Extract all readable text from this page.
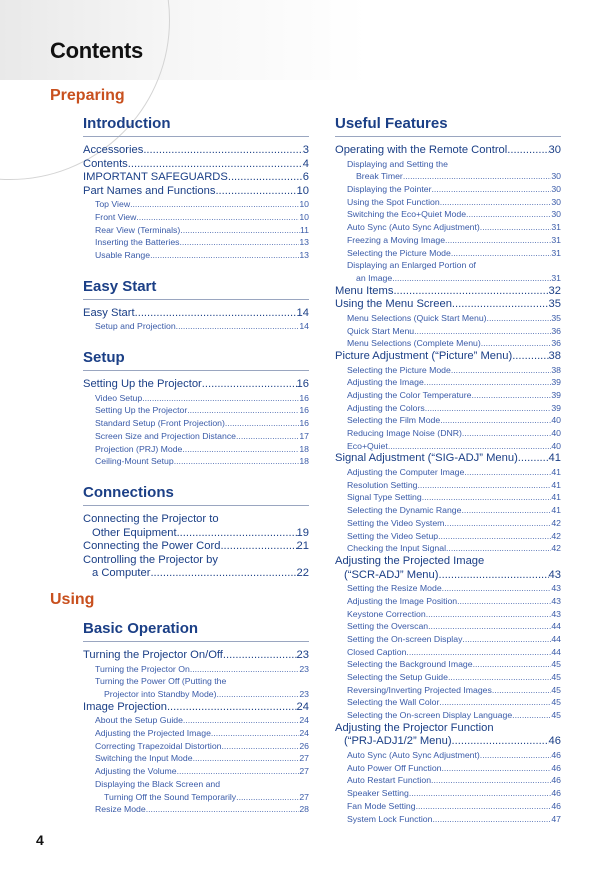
Contents
Preparing
Using
Introduction
Accessories .....	3
Contents .....	4
IMPORTANT SAFEGUARDS .....	6
Part Names and Functions .....	10
Top View .....	10
Front View .....	10
Rear View (Terminals) .....	11
Inserting the Batteries .....	13
Usable Range .....	13
Easy Start
Easy Start .....	14
Setup and Projection .....	14
Setup
Setting Up the Projector .....	16
Video Setup .....	16
Setting Up the Projector .....	16
Standard Setup (Front Projection) .....	16
Screen Size and Projection Distance .....	17
Projection (PRJ) Mode .....	18
Ceiling-Mount Setup .....	18
Connections
Connecting the Projector to
Other Equipment .....	19
Connecting the Power Cord .....	21
Controlling the Projector by
a Computer .....	22
Basic Operation
Turning the Projector On/Off .....	23
Turning the Projector On .....	23
Turning the Power Off (Putting the
Projector into Standby Mode) .....	23
Image Projection .....	24
About the Setup Guide .....	24
Adjusting the Projected Image .....	24
Correcting Trapezoidal Distortion .....	26
Switching the Input Mode .....	27
Adjusting the Volume .....	27
Displaying the Black Screen and
Turning Off the Sound Temporarily .....	27
Resize Mode .....	28
Useful Features
Operating with the Remote Control .....	30
Displaying and Setting the
Break Timer .....	30
Displaying the Pointer .....	30
Using the Spot Function .....	30
Switching the Eco+Quiet Mode .....	30
Auto Sync (Auto Sync Adjustment) .....	31
Freezing a Moving Image .....	31
Selecting the Picture Mode .....	31
Displaying an Enlarged Portion of
an Image .....	31
Menu Items .....	32
Using the Menu Screen .....	35
Menu Selections (Quick Start Menu) .....	35
Quick Start Menu .....	36
Menu Selections (Complete Menu) .....	36
Picture Adjustment (“Picture” Menu) .....	38
Selecting the Picture Mode .....	38
Adjusting the Image .....	39
Adjusting the Color Temperature .....	39
Adjusting the Colors .....	39
Selecting the Film Mode .....	40
Reducing Image Noise (DNR) .....	40
Eco+Quiet .....	40
Signal Adjustment (“SIG-ADJ” Menu) .....	41
Adjusting the Computer Image .....	41
Resolution Setting .....	41
Signal Type Setting .....	41
Selecting the Dynamic Range .....	41
Setting the Video System .....	42
Setting the Video Setup .....	42
Checking the Input Signal .....	42
Adjusting the Projected Image
(“SCR-ADJ” Menu) .....	43
Setting the Resize Mode .....	43
Adjusting the Image Position .....	43
Keystone Correction .....	43
Setting the Overscan .....	44
Setting the On-screen Display .....	44
Closed Caption .....	44
Selecting the Background Image .....	45
Selecting the Setup Guide .....	45
Reversing/Inverting Projected Images .....	45
Selecting the Wall Color .....	45
Selecting the On-screen Display Language .....	45
Adjusting the Projector Function
(“PRJ-ADJ1/2” Menu) .....	46
Auto Sync (Auto Sync Adjustment) .....	46
Auto Power Off Function .....	46
Auto Restart Function .....	46
Speaker Setting .....	46
Fan Mode Setting .....	46
System Lock Function .....	47
4
